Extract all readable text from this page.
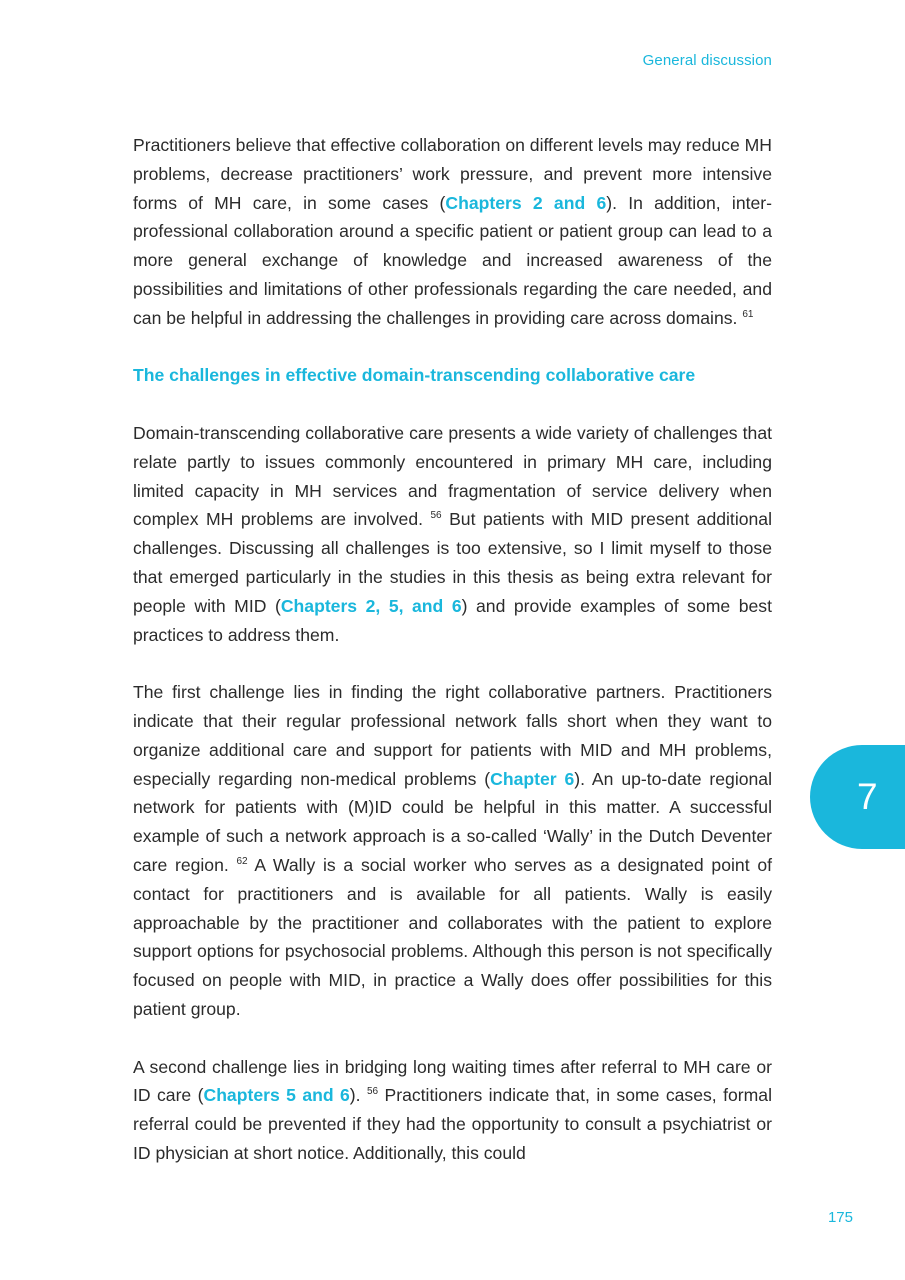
General discussion

Practitioners believe that effective collaboration on different levels may reduce MH problems, decrease practitioners’ work pressure, and prevent more intensive forms of MH care, in some cases (Chapters 2 and 6). In addition, inter-professional collaboration around a specific patient or patient group can lead to a more general exchange of knowledge and increased awareness of the possibilities and limitations of other professionals regarding the care needed, and can be helpful in addressing the challenges in providing care across domains. $^{61}$

The challenges in effective domain-transcending collaborative care

Domain-transcending collaborative care presents a wide variety of challenges that relate partly to issues commonly encountered in primary MH care, including limited capacity in MH services and fragmentation of service delivery when complex MH problems are involved. $^{56}$ But patients with MID present additional challenges. Discussing all challenges is too extensive, so I limit myself to those that emerged particularly in the studies in this thesis as being extra relevant for people with MID (Chapters 2, 5, and 6) and provide examples of some best practices to address them.

The first challenge lies in finding the right collaborative partners. Practitioners indicate that their regular professional network falls short when they want to organize additional care and support for patients with MID and MH problems, especially regarding non-medical problems (Chapter 6). An up-to-date regional network for patients with (M)ID could be helpful in this matter. A successful example of such a network approach is a so-called ‘Wally’ in the Dutch Deventer care region. $^{62}$ A Wally is a social worker who serves as a designated point of contact for practitioners and is available for all patients. Wally is easily approachable by the practitioner and collaborates with the patient to explore support options for psychosocial problems. Although this person is not specifically focused on people with MID, in practice a Wally does offer possibilities for this patient group.

A second challenge lies in bridging long waiting times after referral to MH care or ID care (Chapters 5 and 6). $^{56}$ Practitioners indicate that, in some cases, formal referral could be prevented if they had the opportunity to consult a psychiatrist or ID physician at short notice. Additionally, this could

7
175
